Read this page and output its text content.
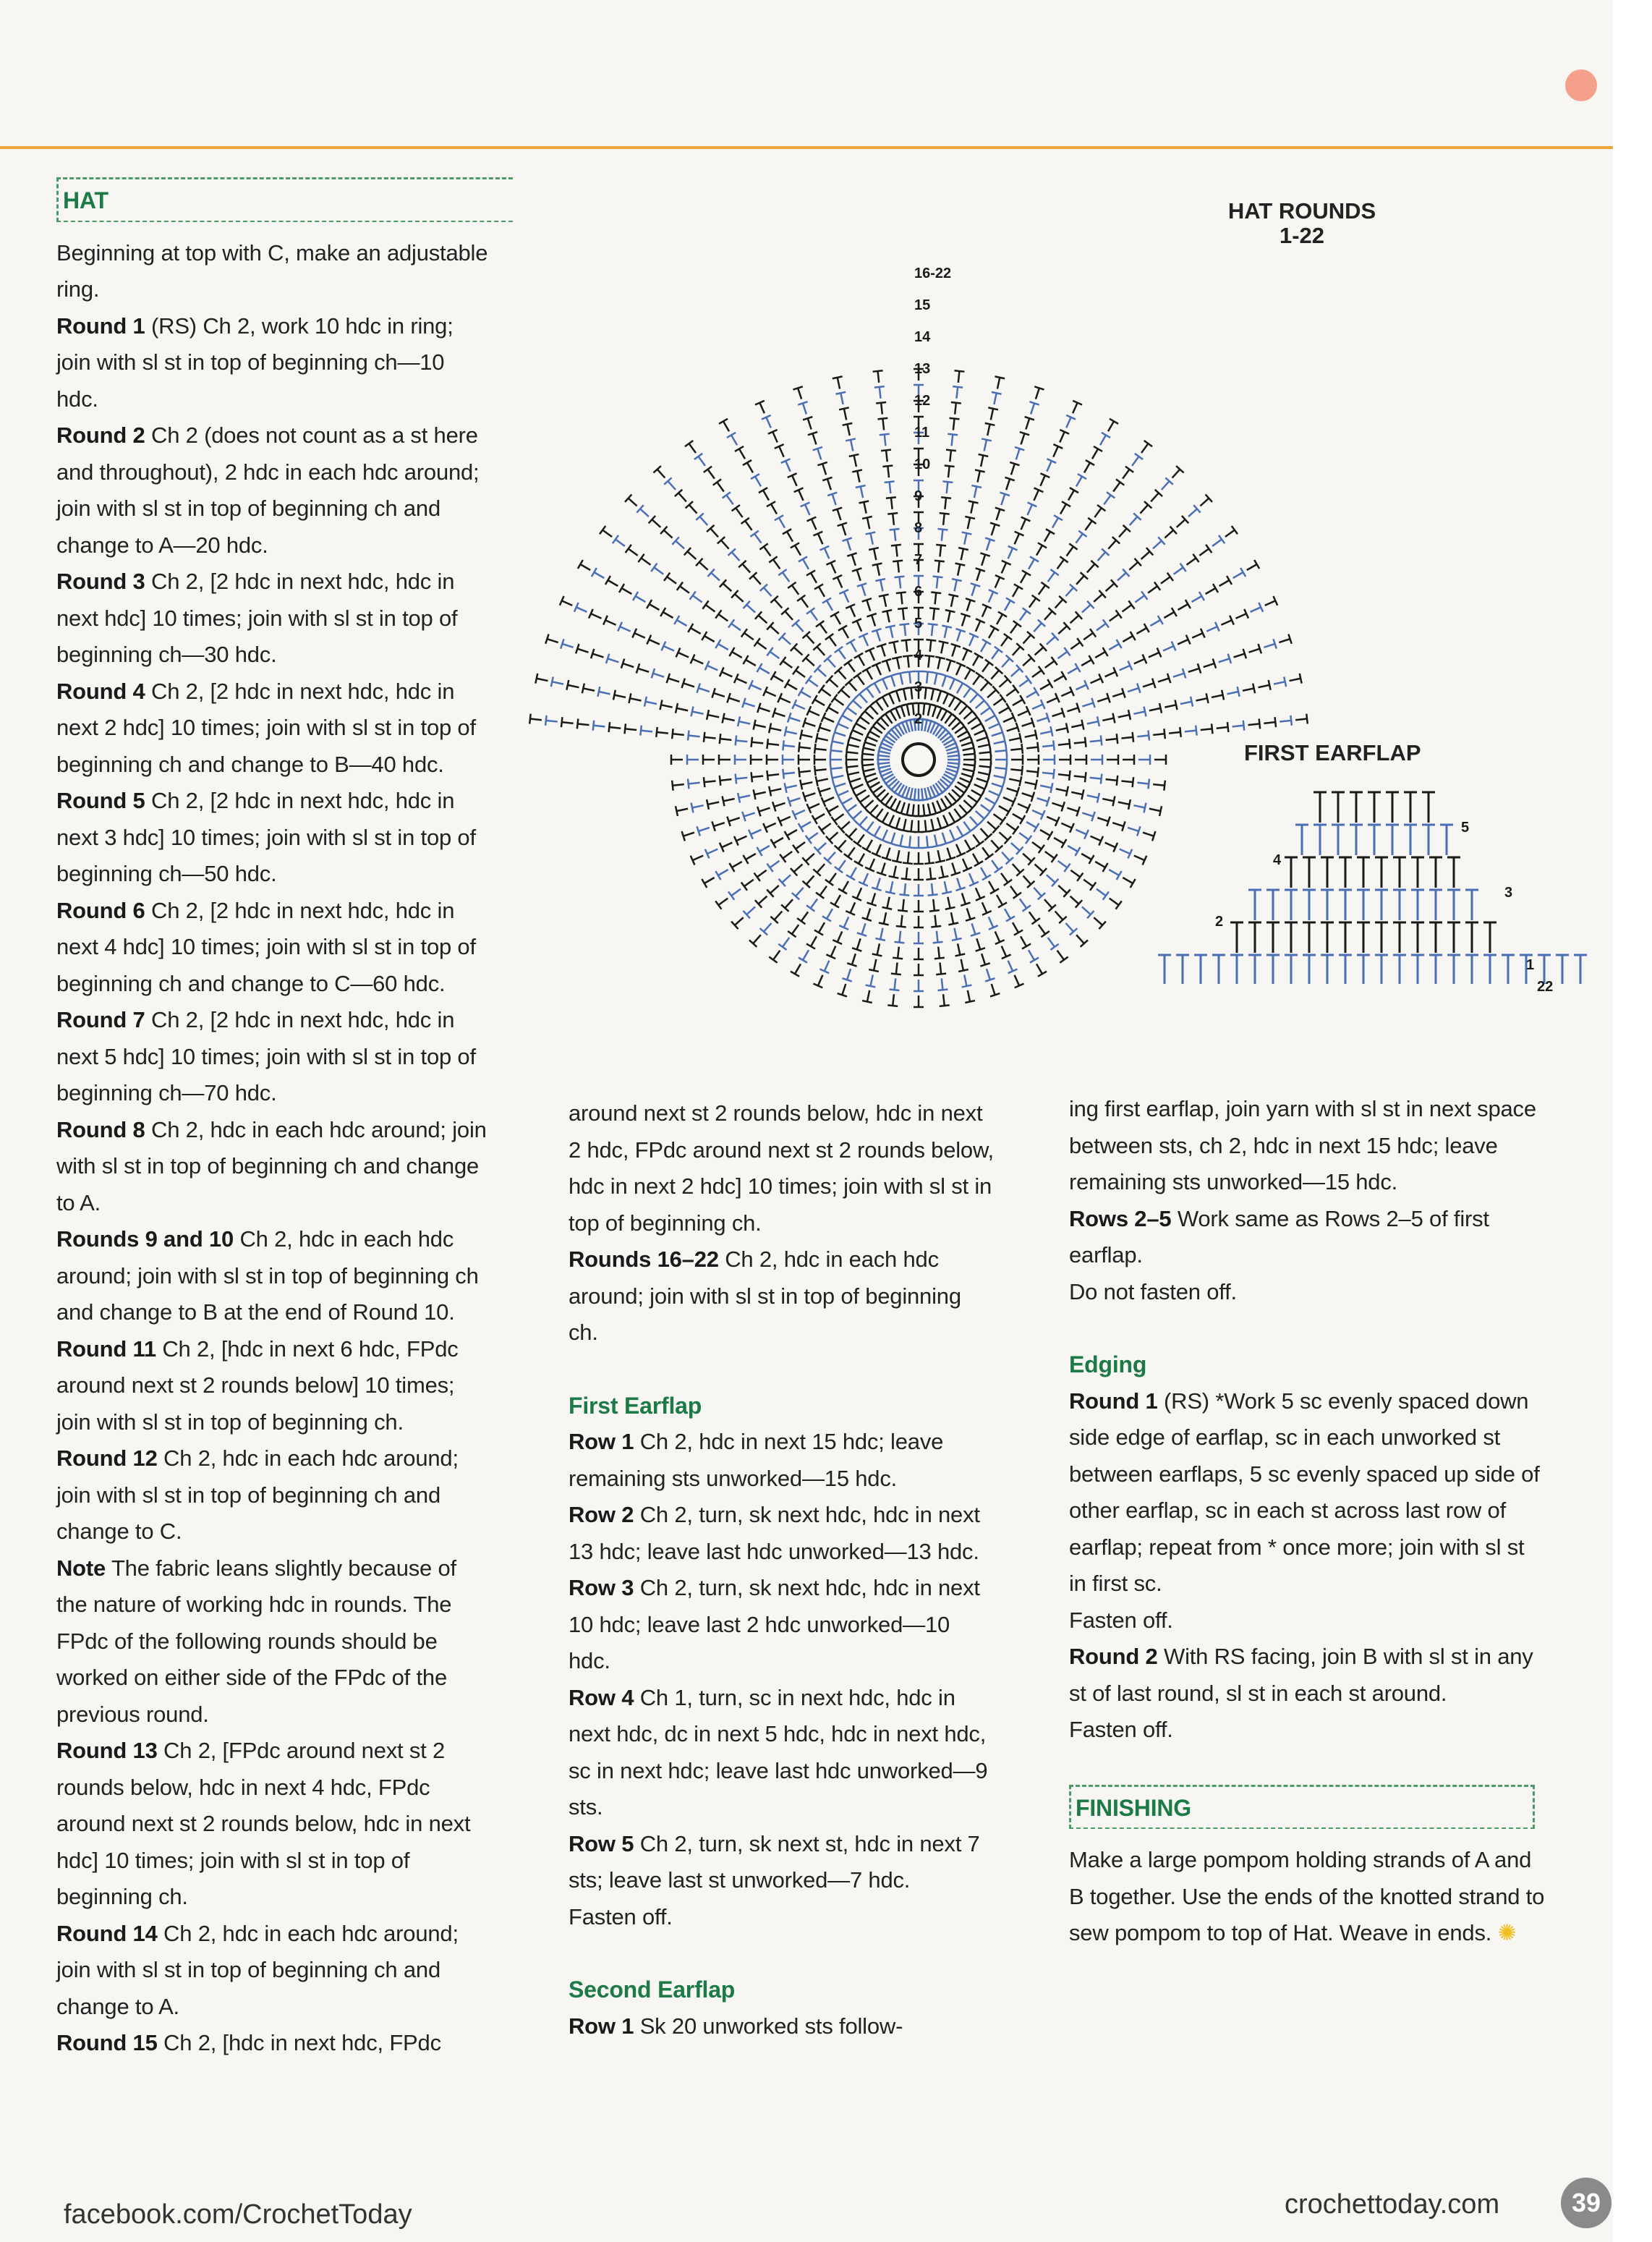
HAT

Beginning at top with C, make an adjustable ring.

Round 1 (RS) Ch 2, work 10 hdc in ring; join with sl st in top of beginning ch—10 hdc.

Round 2 Ch 2 (does not count as a st here and throughout), 2 hdc in each hdc around; join with sl st in top of beginning ch and change to A—20 hdc.

Round 3 Ch 2, [2 hdc in next hdc, hdc in next hdc] 10 times; join with sl st in top of beginning ch—30 hdc.

Round 4 Ch 2, [2 hdc in next hdc, hdc in next 2 hdc] 10 times; join with sl st in top of beginning ch and change to B—40 hdc.

Round 5 Ch 2, [2 hdc in next hdc, hdc in next 3 hdc] 10 times; join with sl st in top of beginning ch—50 hdc.

Round 6 Ch 2, [2 hdc in next hdc, hdc in next 4 hdc] 10 times; join with sl st in top of beginning ch and change to C—60 hdc.

Round 7 Ch 2, [2 hdc in next hdc, hdc in next 5 hdc] 10 times; join with sl st in top of beginning ch—70 hdc.

Round 8 Ch 2, hdc in each hdc around; join with sl st in top of beginning ch and change to A.

Rounds 9 and 10 Ch 2, hdc in each hdc around; join with sl st in top of beginning ch and change to B at the end of Round 10.

Round 11 Ch 2, [hdc in next 6 hdc, FPdc around next st 2 rounds below] 10 times; join with sl st in top of beginning ch.

Round 12 Ch 2, hdc in each hdc around; join with sl st in top of beginning ch and change to C.

Note The fabric leans slightly because of the nature of working hdc in rounds. The FPdc of the following rounds should be worked on either side of the FPdc of the previous round.

Round 13 Ch 2, [FPdc around next st 2 rounds below, hdc in next 4 hdc, FPdc around next st 2 rounds below, hdc in next hdc] 10 times; join with sl st in top of beginning ch.

Round 14 Ch 2, hdc in each hdc around; join with sl st in top of beginning ch and change to A.

Round 15 Ch 2, [hdc in next hdc, FPdc

around next st 2 rounds below, hdc in next 2 hdc, FPdc around next st 2 rounds below, hdc in next 2 hdc] 10 times; join with sl st in top of beginning ch.

Rounds 16–22 Ch 2, hdc in each hdc around; join with sl st in top of beginning ch.

First Earflap

Row 1 Ch 2, hdc in next 15 hdc; leave remaining sts unworked—15 hdc.

Row 2 Ch 2, turn, sk next hdc, hdc in next 13 hdc; leave last hdc unworked—13 hdc.

Row 3 Ch 2, turn, sk next hdc, hdc in next 10 hdc; leave last 2 hdc unworked—10 hdc.

Row 4 Ch 1, turn, sc in next hdc, hdc in next hdc, dc in next 5 hdc, hdc in next hdc, sc in next hdc; leave last hdc unworked—9 sts.

Row 5 Ch 2, turn, sk next st, hdc in next 7 sts; leave last st unworked—7 hdc.

Fasten off.

Second Earflap

Row 1 Sk 20 unworked sts follow-

ing first earflap, join yarn with sl st in next space between sts, ch 2, hdc in next 15 hdc; leave remaining sts unworked—15 hdc.

Rows 2–5 Work same as Rows 2–5 of first earflap.

Do not fasten off.

Edging

Round 1 (RS) *Work 5 sc evenly spaced down side edge of earflap, sc in each unworked st between earflaps, 5 sc evenly spaced up side of other earflap, sc in each st across last row of earflap; repeat from * once more; join with sl st in first sc.

Fasten off.

Round 2 With RS facing, join B with sl st in any st of last round, sl st in each st around.

Fasten off.

FINISHING

Make a large pompom holding strands of A and B together. Use the ends of the knotted strand to sew pompom to top of Hat. Weave in ends. ✺

HAT ROUNDS
1-22
FIRST EARFLAP
2
3
4
5
6
7
8
9
10
11
12
13
14
15
16-22
1
2
3
4
5
22
facebook.com/CrochetToday	crochettoday.com	39
